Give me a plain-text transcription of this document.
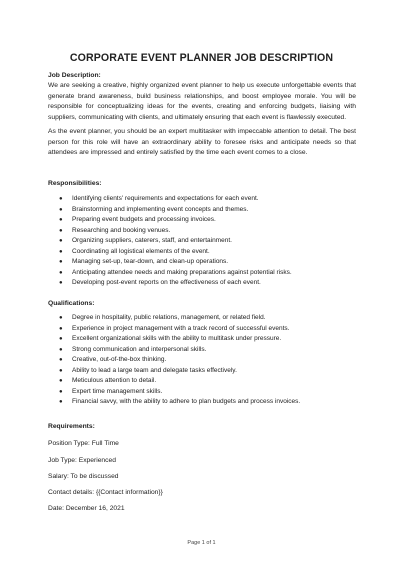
CORPORATE EVENT PLANNER JOB DESCRIPTION
Job Description:
We are seeking a creative, highly organized event planner to help us execute unforgettable events that generate brand awareness, build business relationships, and boost employee morale. You will be responsible for conceptualizing ideas for the events, creating and enforcing budgets, liaising with suppliers, communicating with clients, and ultimately ensuring that each event is flawlessly executed.
As the event planner, you should be an expert multitasker with impeccable attention to detail. The best person for this role will have an extraordinary ability to foresee risks and anticipate needs so that attendees are impressed and entirely satisfied by the time each event comes to a close.
Responsibilities:
● Identifying clients' requirements and expectations for each event.
● Brainstorming and implementing event concepts and themes.
● Preparing event budgets and processing invoices.
● Researching and booking venues.
● Organizing suppliers, caterers, staff, and entertainment.
● Coordinating all logistical elements of the event.
● Managing set-up, tear-down, and clean-up operations.
● Anticipating attendee needs and making preparations against potential risks.
● Developing post-event reports on the effectiveness of each event.
Qualifications:
● Degree in hospitality, public relations, management, or related field.
● Experience in project management with a track record of successful events.
● Excellent organizational skills with the ability to multitask under pressure.
● Strong communication and interpersonal skills.
● Creative, out-of-the-box thinking.
● Ability to lead a large team and delegate tasks effectively.
● Meticulous attention to detail.
● Expert time management skills.
● Financial savvy, with the ability to adhere to plan budgets and process invoices.
Requirements:
Position Type: Full Time
Job Type: Experienced
Salary: To be discussed
Contact details: {{Contact information}}
Date: December 16, 2021
Page 1 of 1
